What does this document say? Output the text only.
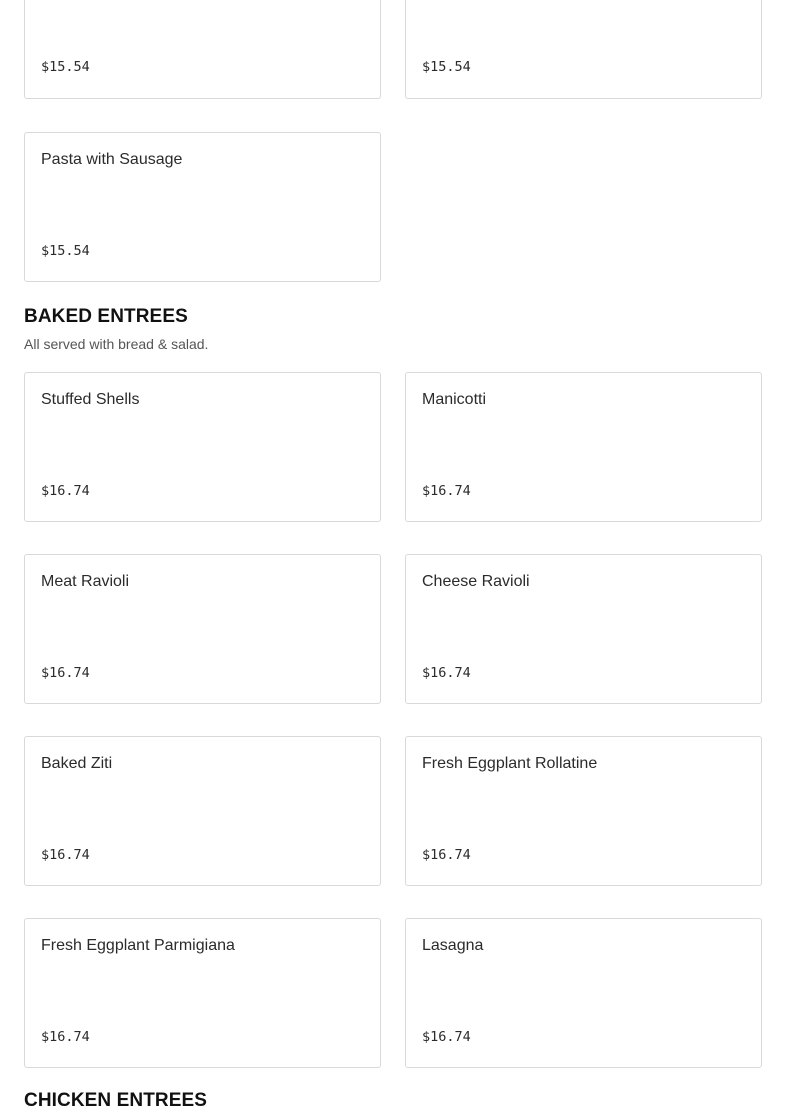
$15.54	$15.54
Pasta with Sausage
$15.54
BAKED ENTREES

All served with bread & salad.

Stuffed Shells
$16.74
Manicotti
$16.74
Meat Ravioli
$16.74
Cheese Ravioli
$16.74
Baked Ziti
$16.74
Fresh Eggplant Rollatine
$16.74
Fresh Eggplant Parmigiana
$16.74
Lasagna
$16.74
CHICKEN ENTREES
